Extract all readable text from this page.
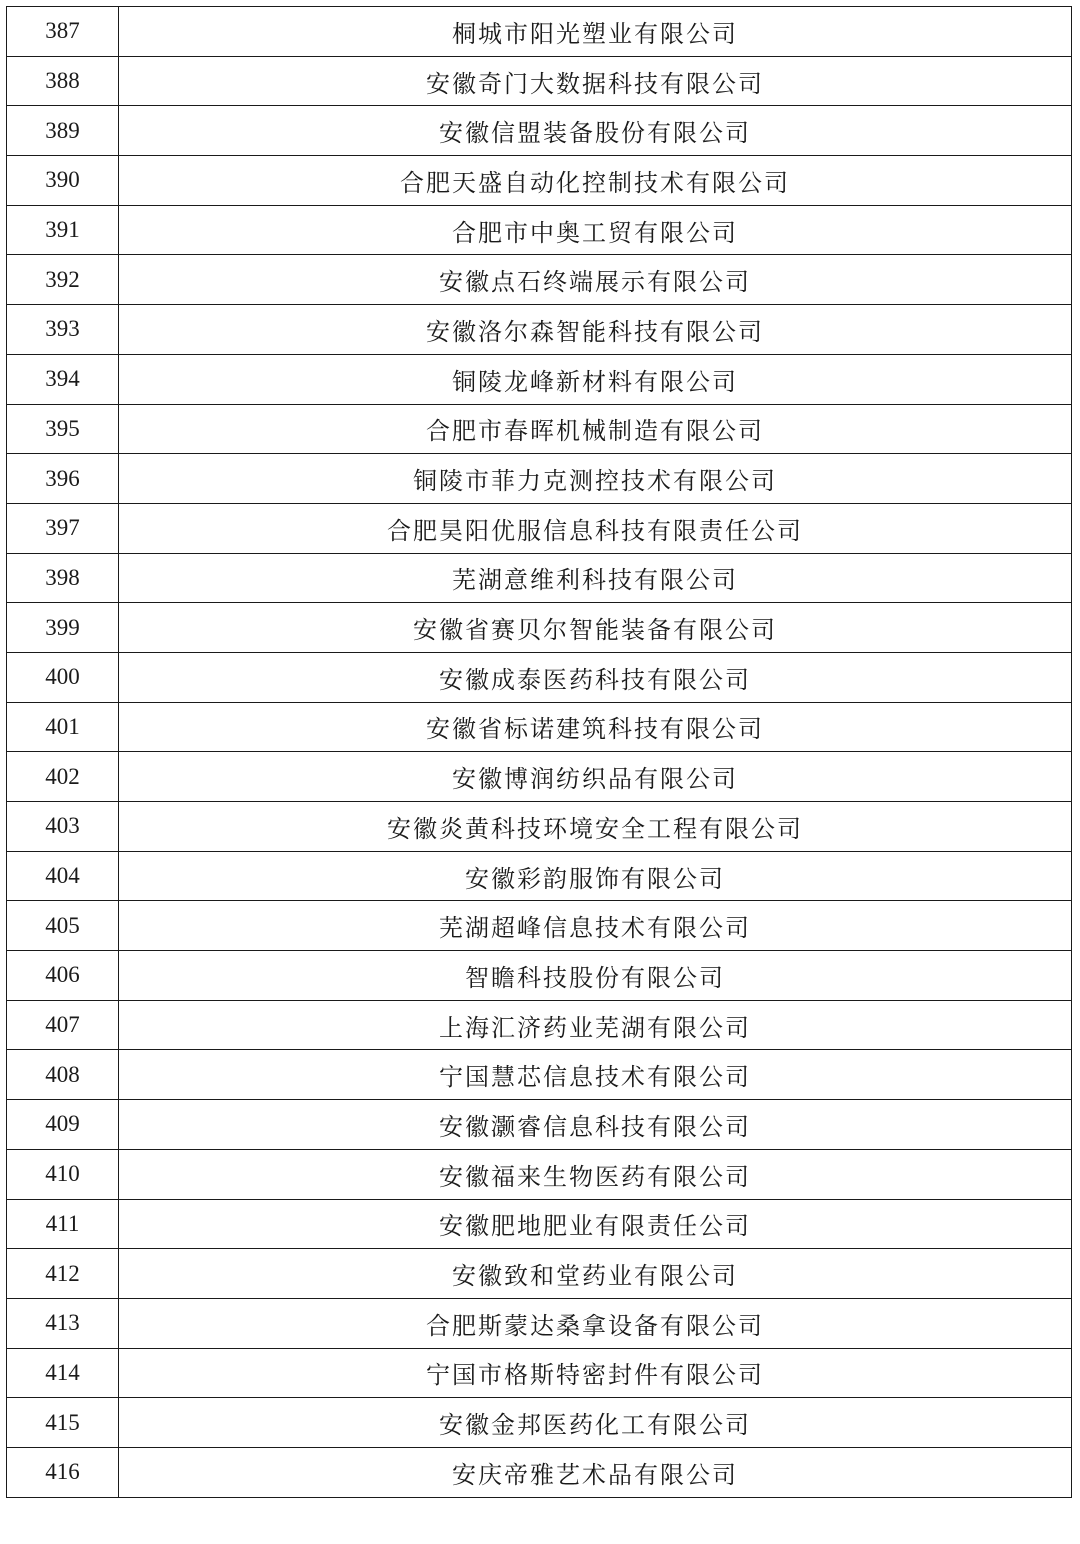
387	桐城市阳光塑业有限公司
388	安徽奇门大数据科技有限公司
389	安徽信盟装备股份有限公司
390	合肥天盛自动化控制技术有限公司
391	合肥市中奥工贸有限公司
392	安徽点石终端展示有限公司
393	安徽洛尔森智能科技有限公司
394	铜陵龙峰新材料有限公司
395	合肥市春晖机械制造有限公司
396	铜陵市菲力克测控技术有限公司
397	合肥昊阳优服信息科技有限责任公司
398	芜湖意维利科技有限公司
399	安徽省赛贝尔智能装备有限公司
400	安徽成泰医药科技有限公司
401	安徽省标诺建筑科技有限公司
402	安徽博润纺织品有限公司
403	安徽炎黄科技环境安全工程有限公司
404	安徽彩韵服饰有限公司
405	芜湖超峰信息技术有限公司
406	智瞻科技股份有限公司
407	上海汇济药业芜湖有限公司
408	宁国慧芯信息技术有限公司
409	安徽灏睿信息科技有限公司
410	安徽福来生物医药有限公司
411	安徽肥地肥业有限责任公司
412	安徽致和堂药业有限公司
413	合肥斯蒙达桑拿设备有限公司
414	宁国市格斯特密封件有限公司
415	安徽金邦医药化工有限公司
416	安庆帝雅艺术品有限公司
